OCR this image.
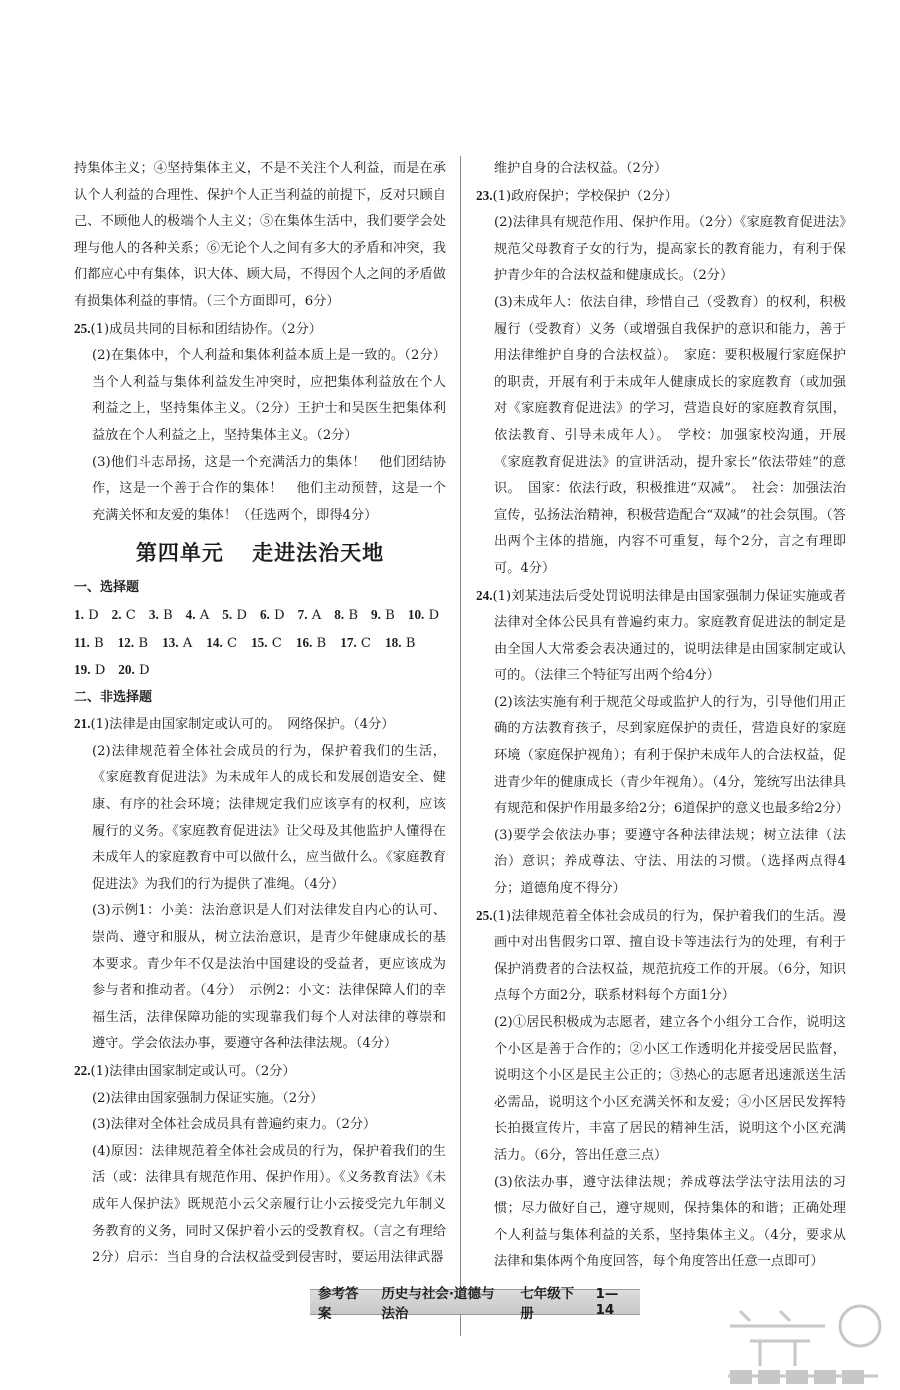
持集体主义；④坚持集体主义，不是不关注个人利益，而是在承认个人利益的合理性、保护个人正当利益的前提下，反对只顾自己、不顾他人的极端个人主义；⑤在集体生活中，我们要学会处理与他人的各种关系；⑥无论个人之间有多大的矛盾和冲突，我们都应心中有集体，识大体、顾大局，不得因个人之间的矛盾做有损集体利益的事情。（三个方面即可，6分）

25.(1)成员共同的目标和团结协作。（2分）

(2)在集体中，个人利益和集体利益本质上是一致的。（2分）当个人利益与集体利益发生冲突时，应把集体利益放在个人利益之上，坚持集体主义。（2分）王护士和吴医生把集体利益放在个人利益之上，坚持集体主义。（2分）

(3)他们斗志昂扬，这是一个充满活力的集体！　他们团结协作，这是一个善于合作的集体！　他们主动预替，这是一个充满关怀和友爱的集体！（任选两个，即得4分）

第四单元 走进法治天地
一、选择题
1. D 2. C 3. B 4. A 5. D 6. D 7. A 8. B 9. B 10. D
11. B 12. B 13. A 14. C 15. C 16. B 17. C 18. B
19. D 20. D
二、非选择题

21.(1)法律是由国家制定或认可的。　网络保护。（4分）

(2)法律规范着全体社会成员的行为，保护着我们的生活，《家庭教育促进法》为未成年人的成长和发展创造安全、健康、有序的社会环境；法律规定我们应该享有的权利，应该履行的义务。《家庭教育促进法》让父母及其他监护人懂得在未成年人的家庭教育中可以做什么，应当做什么。《家庭教育促进法》为我们的行为提供了准绳。（4分）

(3)示例1：小美：法治意识是人们对法律发自内心的认可、崇尚、遵守和服从，树立法治意识，是青少年健康成长的基本要求。青少年不仅是法治中国建设的受益者，更应该成为参与者和推动者。（4分）　示例2：小文：法律保障人们的幸福生活，法律保障功能的实现靠我们每个人对法律的尊崇和遵守。学会依法办事，要遵守各种法律法规。（4分）

22.(1)法律由国家制定或认可。（2分）

(2)法律由国家强制力保证实施。（2分）

(3)法律对全体社会成员具有普遍约束力。（2分）

(4)原因：法律规范着全体社会成员的行为，保护着我们的生活（或：法律具有规范作用、保护作用）。《义务教育法》《未成年人保护法》既规范小云父亲履行让小云接受完九年制义务教育的义务，同时又保护着小云的受教育权。（言之有理给2分）启示：当自身的合法权益受到侵害时，要运用法律武器

维护自身的合法权益。（2分）

23.(1)政府保护；学校保护（2分）

(2)法律具有规范作用、保护作用。（2分）《家庭教育促进法》规范父母教育子女的行为，提高家长的教育能力，有利于保护青少年的合法权益和健康成长。（2分）

(3)未成年人：依法自律，珍惜自己（受教育）的权利，积极履行（受教育）义务（或增强自我保护的意识和能力，善于用法律维护自身的合法权益）。　家庭：要积极履行家庭保护的职责，开展有利于未成年人健康成长的家庭教育（或加强对《家庭教育促进法》的学习，营造良好的家庭教育氛围，依法教育、引导未成年人）。　学校：加强家校沟通，开展《家庭教育促进法》的宣讲活动，提升家长“依法带娃”的意识。　国家：依法行政，积极推进“双减”。　社会：加强法治宣传，弘扬法治精神，积极营造配合“双减”的社会氛围。（答出两个主体的措施，内容不可重复，每个2分，言之有理即可。4分）

24.(1)刘某违法后受处罚说明法律是由国家强制力保证实施或者法律对全体公民具有普遍约束力。家庭教育促进法的制定是由全国人大常委会表决通过的，说明法律是由国家制定或认可的。（法律三个特征写出两个给4分）

(2)该法实施有利于规范父母或监护人的行为，引导他们用正确的方法教育孩子，尽到家庭保护的责任，营造良好的家庭环境（家庭保护视角）；有利于保护未成年人的合法权益，促进青少年的健康成长（青少年视角）。（4分，笼统写出法律具有规范和保护作用最多给2分；6道保护的意义也最多给2分）

(3)要学会依法办事；要遵守各种法律法规；树立法律（法治）意识；养成尊法、守法、用法的习惯。（选择两点得4分；道德角度不得分）

25.(1)法律规范着全体社会成员的行为，保护着我们的生活。漫画中对出售假劣口罩、擅自设卡等违法行为的处理，有利于保护消费者的合法权益，规范抗疫工作的开展。（6分，知识点每个方面2分，联系材料每个方面1分）

(2)①居民积极成为志愿者，建立各个小组分工合作，说明这个小区是善于合作的；②小区工作透明化并接受居民监督，说明这个小区是民主公正的；③热心的志愿者迅速派送生活必需品，说明这个小区充满关怀和友爱；④小区居民发挥特长拍摄宣传片，丰富了居民的精神生活，说明这个小区充满活力。（6分，答出任意三点）

(3)依法办事，遵守法律法规；养成尊法学法守法用法的习惯；尽力做好自己，遵守规则，保持集体的和谐；正确处理个人利益与集体利益的关系，坚持集体主义。（4分，要求从法律和集体两个角度回答，每个角度答出任意一点即可）

参考答案
历史与社会·道德与法治
七年级下册
1—14
